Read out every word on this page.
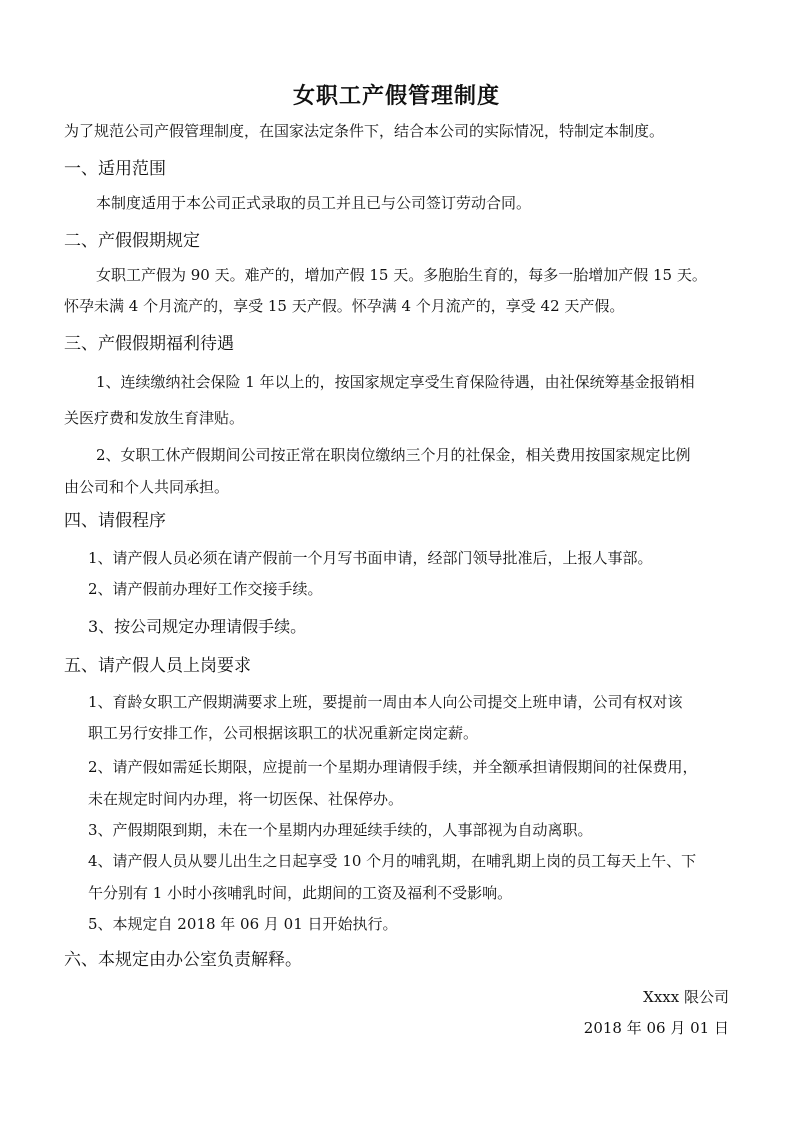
女职工产假管理制度
为了规范公司产假管理制度，在国家法定条件下，结合本公司的实际情况，特制定本制度。
一、适用范围
本制度适用于本公司正式录取的员工并且已与公司签订劳动合同。
二、产假假期规定
女职工产假为 90 天。难产的，增加产假 15 天。多胞胎生育的，每多一胎增加产假 15 天。
怀孕未满 4 个月流产的，享受 15 天产假。怀孕满 4 个月流产的，享受 42 天产假。
三、产假假期福利待遇
1、连续缴纳社会保险 1 年以上的，按国家规定享受生育保险待遇，由社保统筹基金报销相
关医疗费和发放生育津贴。
2、女职工休产假期间公司按正常在职岗位缴纳三个月的社保金，相关费用按国家规定比例
由公司和个人共同承担。
四、请假程序
1、请产假人员必须在请产假前一个月写书面申请，经部门领导批准后，上报人事部。
2、请产假前办理好工作交接手续。
3、按公司规定办理请假手续。
五、请产假人员上岗要求
1、育龄女职工产假期满要求上班，要提前一周由本人向公司提交上班申请，公司有权对该
职工另行安排工作，公司根据该职工的状况重新定岗定薪。
2、请产假如需延长期限，应提前一个星期办理请假手续，并全额承担请假期间的社保费用，
未在规定时间内办理，将一切医保、社保停办。
3、产假期限到期，未在一个星期内办理延续手续的，人事部视为自动离职。
4、请产假人员从婴儿出生之日起享受 10 个月的哺乳期，在哺乳期上岗的员工每天上午、下
午分别有 1 小时小孩哺乳时间，此期间的工资及福利不受影响。
5、本规定自 2018 年 06 月 01 日开始执行。
六、本规定由办公室负责解释。
Xxxx 限公司
2018 年 06 月 01 日
